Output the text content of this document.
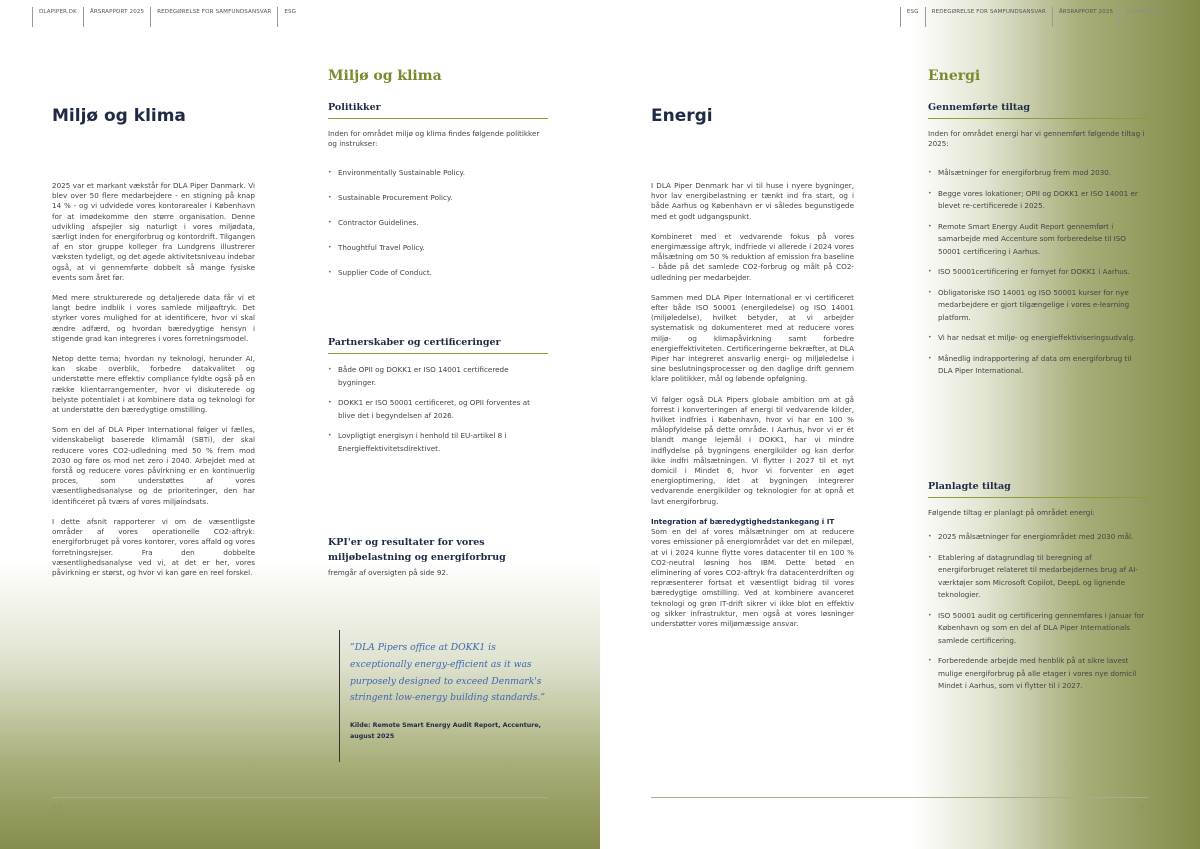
DLAPIPER.DK	ÅRSRAPPORT 2025	REDEGØRELSE FOR SAMFUNDSANSVAR	ESG
Miljø og klima

2025 var et markant vækstår for DLA Piper Danmark. Vi blev over 50 flere medarbejdere - en stigning på knap 14 % - og vi udvidede vores kontorarealer i København for at imødekomme den større organisation. Denne udvikling afspejler sig naturligt i vores miljødata, særligt inden for energiforbrug og kontordrift. Tilgangen af en stor gruppe kolleger fra Lundgrens illustrerer væksten tydeligt, og det øgede aktivitetsniveau indebar også, at vi gennemførte dobbelt så mange fysiske events som året før.

Med mere strukturerede og detaljerede data får vi et langt bedre indblik i vores samlede miljøaftryk. Det styrker vores mulighed for at identificere, hvor vi skal ændre adfærd, og hvordan bæredygtige hensyn i stigende grad kan integreres i vores forretningsmodel.

Netop dette tema; hvordan ny teknologi, herunder AI, kan skabe overblik, forbedre datakvalitet og understøtte mere effektiv compliance fyldte også på en række klientarrangementer, hvor vi diskuterede og belyste potentialet i at kombinere data og teknologi for at understøtte den bæredygtige omstilling.

Som en del af DLA Piper International følger vi fælles, videnskabeligt baserede klimamål (SBTi), der skal reducere vores CO2-udledning med 50 % frem mod 2030 og føre os mod net zero i 2040. Arbejdet med at forstå og reducere vores påvirkning er en kontinuerlig proces, som understøttes af vores væsentlighedsanalyse og de prioriteringer, den har identificeret på tværs af vores miljøindsats.

I dette afsnit rapporterer vi om de væsentligste områder af vores operationelle CO2-aftryk: energiforbruget på vores kontorer, vores affald og vores forretningsrejser. Fra den dobbelte væsentlighedsanalyse ved vi, at det er her, vores påvirkning er størst, og hvor vi kan gøre en reel forskel.

Miljø og klima
Politikker
Inden for området miljø og klima findes følgende politikker og instrukser:
• Environmentally Sustainable Policy.
• Sustainable Procurement Policy.
• Contractor Guidelines.
• Thoughtful Travel Policy.
• Supplier Code of Conduct.
Partnerskaber og certificeringer
• Både OPII og DOKK1 er ISO 14001 certificerede bygninger.
• DOKK1 er ISO 50001 certificeret, og OPII forventes at blive det i begyndelsen af 2026.
• Lovpligtigt energisyn i henhold til EU-artikel 8 i Energieffektivitetsdirektivet.
KPI'er og resultater for vores miljøbelastning og energiforbrug
fremgår af oversigten på side 92.

”DLA Pipers office at DOKK1 is exceptionally energy-efficient as it was purposely designed to exceed Denmark's stringent low-energy building standards.”

Kilde: Remote Smart Energy Audit Report, Accenture, august 2025
56
ESG	REDEGØRELSE FOR SAMFUNDSANSVAR	ÅRSRAPPORT 2025	DLAPIPER.DK
Energi

I DLA Piper Denmark har vi til huse i nyere bygninger, hvor lav energibelastning er tænkt ind fra start, og i både Aarhus og København er vi således begunstigede med et godt udgangspunkt.

Kombineret med et vedvarende fokus på vores energimæssige aftryk, indfriede vi allerede i 2024 vores målsætning om 50 % reduktion af emission fra baseline – både på det samlede CO2-forbrug og målt på CO2-udledning per medarbejder.

Sammen med DLA Piper International er vi certificeret efter både ISO 50001 (energiledelse) og ISO 14001 (miljøledelse), hvilket betyder, at vi arbejder systematisk og dokumenteret med at reducere vores miljø- og klimapåvirkning samt forbedre energieffektiviteten. Certificeringerne bekræfter, at DLA Piper har integreret ansvarlig energi- og miljøledelse i sine beslutningsprocesser og den daglige drift gennem klare politikker, mål og løbende opfølgning.

Vi følger også DLA Pipers globale ambition om at gå forrest i konverteringen af energi til vedvarende kilder, hvilket indfries i København, hvor vi har en 100 % målopfyldelse på dette område. I Aarhus, hvor vi er ét blandt mange lejemål i DOKK1, har vi mindre indflydelse på bygningens energikilder og kan derfor ikke indfri målsætningen. Vi flytter i 2027 til et nyt domicil i Mindet 6, hvor vi forventer en øget energioptimering, idet at bygningen integrerer vedvarende energikilder og teknologier for at opnå et lavt energiforbrug.

Integration af bæredygtighedstankegang i IT

Som en del af vores målsætninger om at reducere vores emissioner på energiområdet var det en milepæl, at vi i 2024 kunne flytte vores datacenter til en 100 % CO2-neutral løsning hos IBM. Dette betød en eliminering af vores CO2-aftryk fra datacenterdriften og repræsenterer fortsat et væsentligt bidrag til vores bæredygtige omstilling. Ved at kombinere avanceret teknologi og grøn IT-drift sikrer vi ikke blot en effektiv og sikker infrastruktur, men også at vores løsninger understøtter vores miljømæssige ansvar.

Energi
Gennemførte tiltag
Inden for området energi har vi gennemført følgende tiltag i 2025:
• Målsætninger for energiforbrug frem mod 2030.
• Begge vores lokationer; OPII og DOKK1 er ISO 14001 er blevet re-certificerede i 2025.
• Remote Smart Energy Audit Report gennemført i samarbejde med Accenture som forberedelse til ISO 50001 certificering i Aarhus.
• ISO 50001certificering er fornyet for DOKK1 i Aarhus.
• Obligatoriske ISO 14001 og ISO 50001 kurser for nye medarbejdere er gjort tilgængelige i vores e-learning platform.
• Vi har nedsat et miljø- og energieffektiviseringsudvalg.
• Månedlig indrapportering af data om energiforbrug til DLA Piper International.
Planlagte tiltag
Følgende tiltag er planlagt på området energi:
• 2025 målsætninger for energiområdet med 2030 mål.
• Etablering af datagrundlag til beregning af energiforbruget relateret til medarbejdernes brug af AI-værktøjer som Microsoft Copilot, DeepL og lignende teknologier.
• ISO 50001 audit og certificering gennemføres i januar for København og som en del af DLA Piper Internationals samlede certificering.
• Forberedende arbejde med henblik på at sikre lavest mulige energiforbrug på alle etager i vores nye domicil Mindet i Aarhus, som vi flytter til i 2027.
57
